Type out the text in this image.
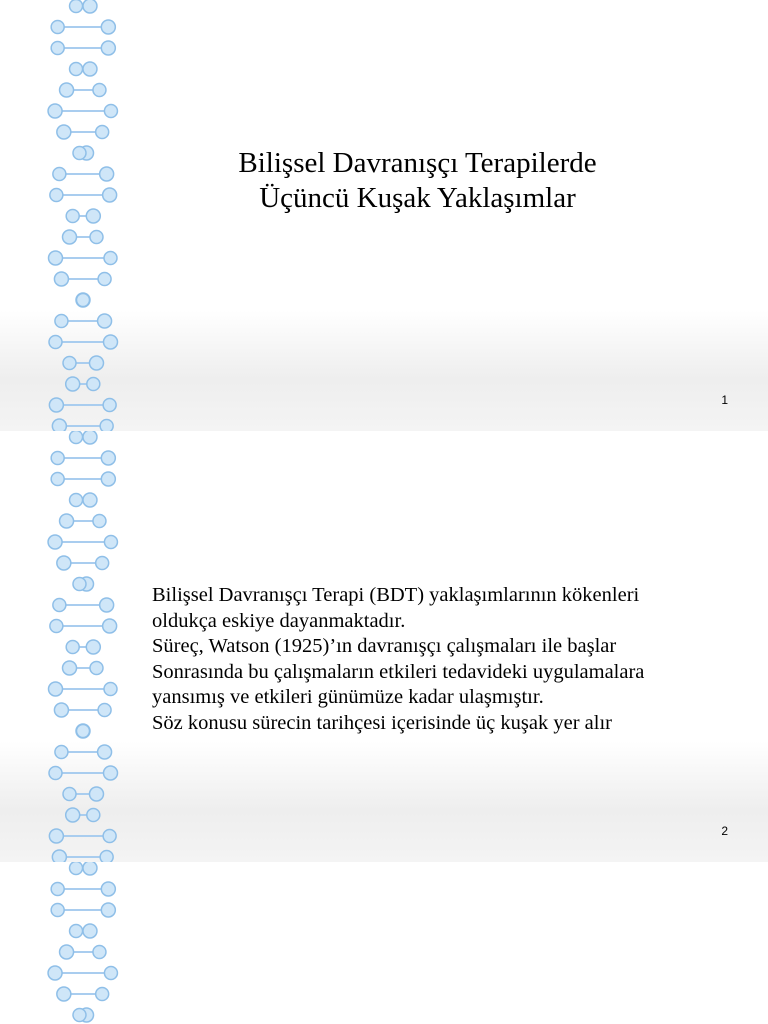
Bilişsel Davranışçı Terapilerde
Üçüncü Kuşak Yaklaşımlar
1
2
Bilişsel Davranışçı Terapi (BDT) yaklaşımlarının kökenleri
oldukça eskiye dayanmaktadır.
Süreç, Watson (1925)’ın davranışçı çalışmaları ile başlar
Sonrasında bu çalışmaların etkileri tedavideki uygulamalara
yansımış ve etkileri günümüze kadar ulaşmıştır.
Söz konusu sürecin tarihçesi içerisinde üç kuşak yer alır
